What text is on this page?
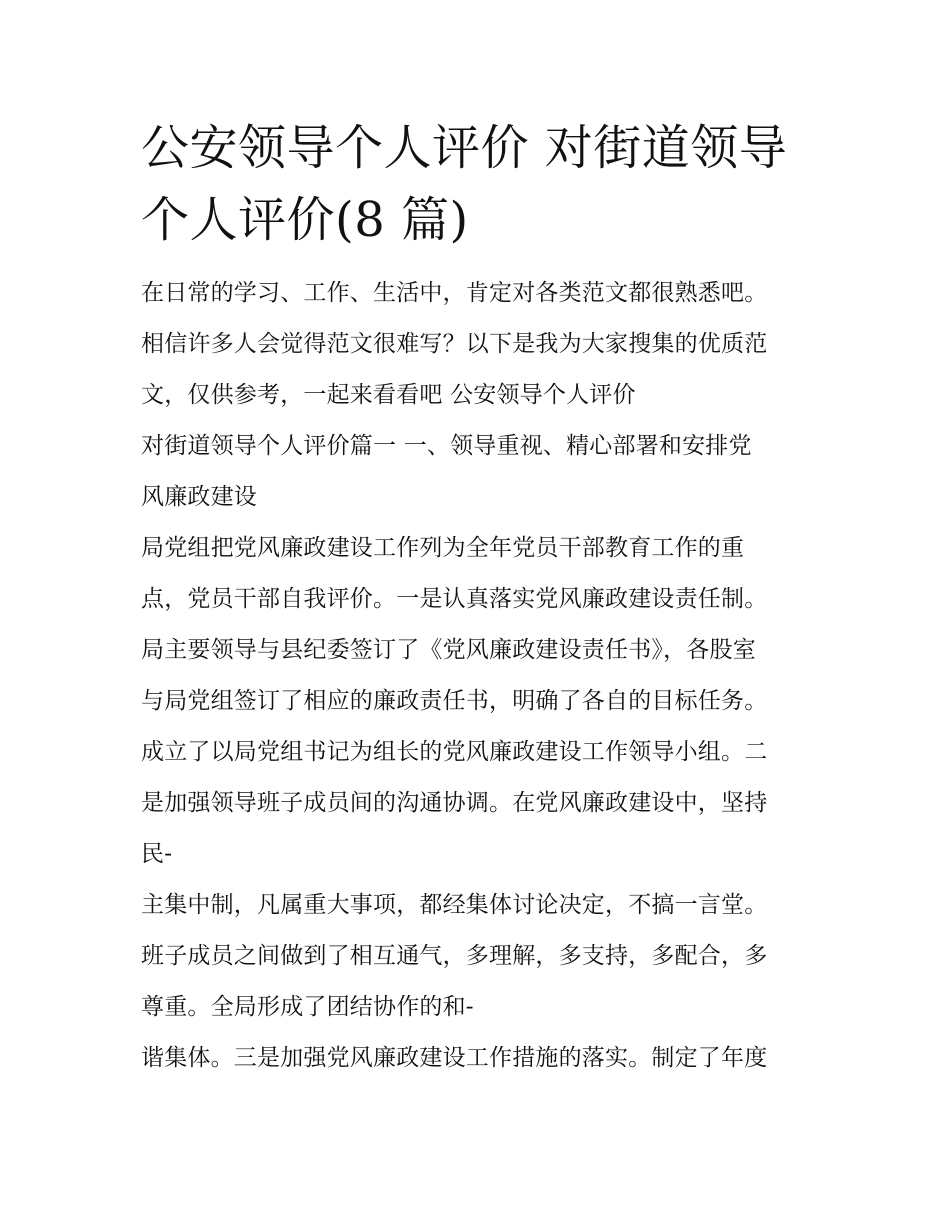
公安领导个人评价 对街道领导
个人评价(8 篇)
在日常的学习、工作、生活中，肯定对各类范文都很熟悉吧。
相信许多人会觉得范文很难写？以下是我为大家搜集的优质范
文，仅供参考，一起来看看吧 公安领导个人评价
对街道领导个人评价篇一 一、领导重视、精心部署和安排党
风廉政建设
局党组把党风廉政建设工作列为全年党员干部教育工作的重
点，党员干部自我评价。一是认真落实党风廉政建设责任制。
局主要领导与县纪委签订了《党风廉政建设责任书》，各股室
与局党组签订了相应的廉政责任书，明确了各自的目标任务。
成立了以局党组书记为组长的党风廉政建设工作领导小组。二
是加强领导班子成员间的沟通协调。在党风廉政建设中，坚持
民-
主集中制，凡属重大事项，都经集体讨论决定，不搞一言堂。
班子成员之间做到了相互通气，多理解，多支持，多配合，多
尊重。全局形成了团结协作的和-
谐集体。三是加强党风廉政建设工作措施的落实。制定了年度
